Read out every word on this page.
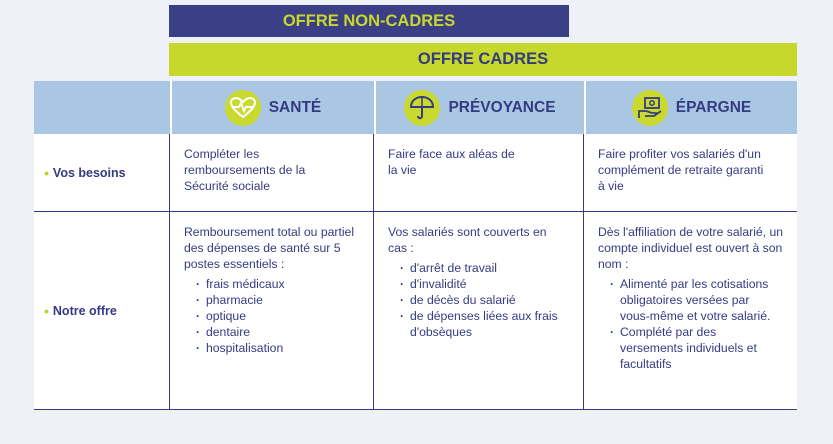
OFFRE NON-CADRES
OFFRE CADRES
SANTÉ	PRÉVOYANCE	ÉPARGNE
• Vos besoins

Compléter les remboursements de la Sécurité sociale

Faire face aux aléas de la vie

Faire profiter vos salariés d'un complément de retraite garanti à vie

• Notre offre

Remboursement total ou partiel des dépenses de santé sur 5 postes essentiels :

· frais médicaux
· pharmacie
· optique
· dentaire
· hospitalisation

Vos salariés sont couverts en cas :

· d'arrêt de travail
· d'invalidité
· de décès du salarié
· de dépenses liées aux frais d'obsèques

Dès l'affiliation de votre salarié, un compte individuel est ouvert à son nom :

· Alimenté par les cotisations obligatoires versées par vous-même et votre salarié.
· Complété par des versements individuels et facultatifs
